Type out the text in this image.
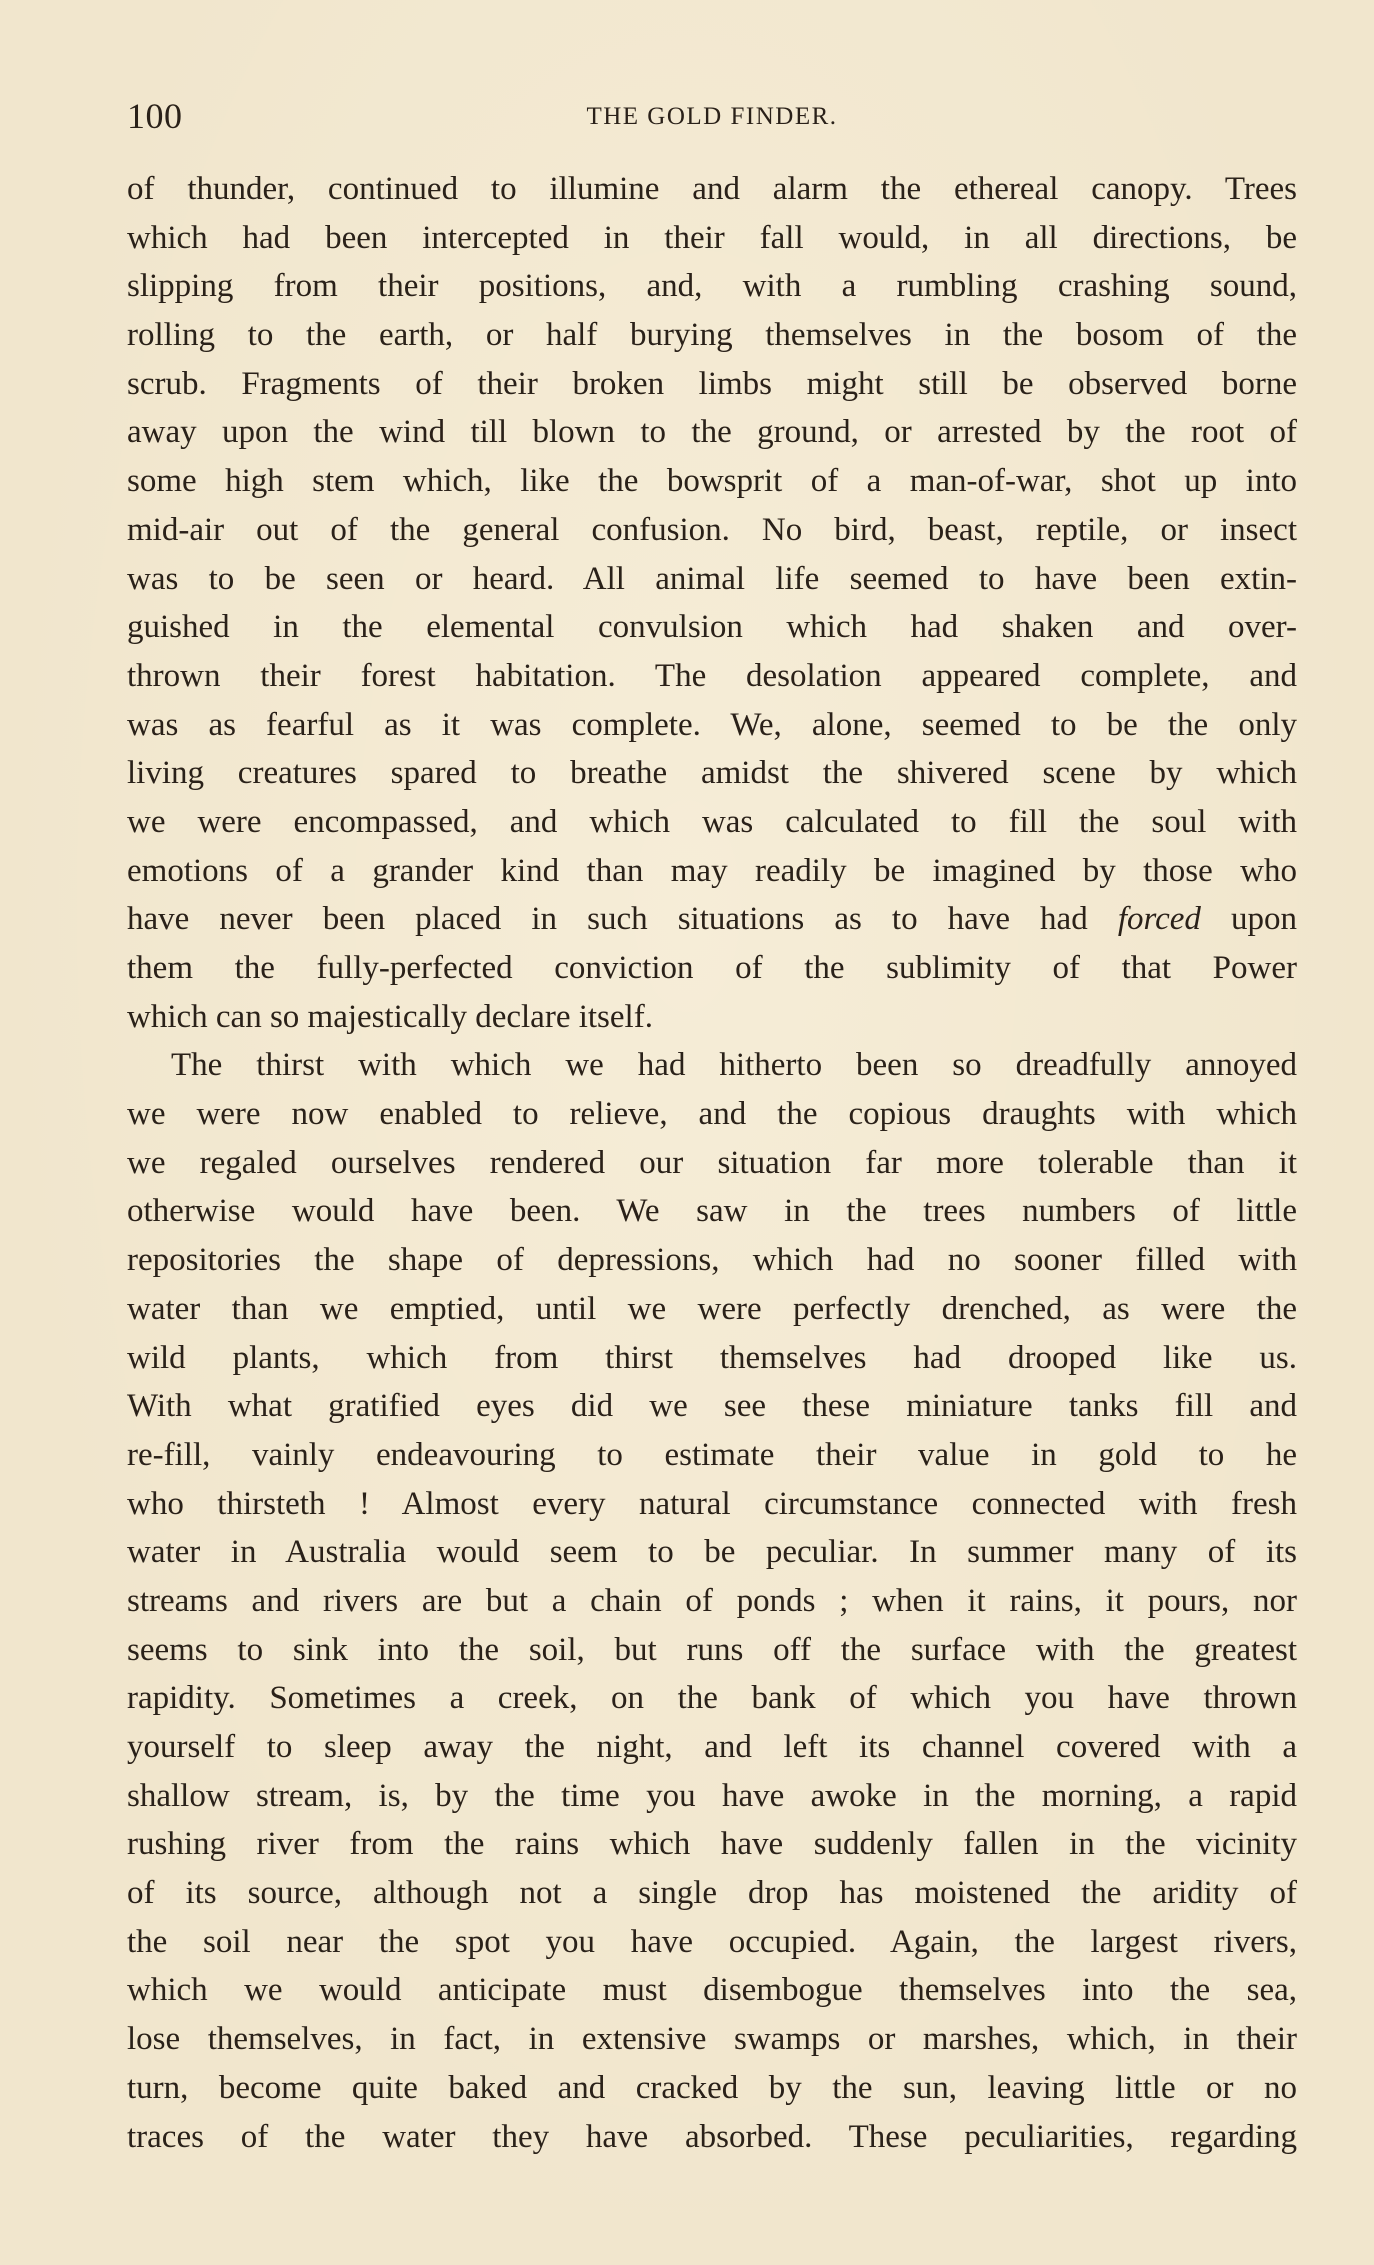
100	THE GOLD FINDER.
of thunder, continued to illumine and alarm the ethereal canopy. Trees
which had been intercepted in their fall would, in all directions, be
slipping from their positions, and, with a rumbling crashing sound,
rolling to the earth, or half burying themselves in the bosom of the
scrub. Fragments of their broken limbs might still be observed borne
away upon the wind till blown to the ground, or arrested by the root of
some high stem which, like the bowsprit of a man-of-war, shot up into
mid-air out of the general confusion. No bird, beast, reptile, or insect
was to be seen or heard. All animal life seemed to have been extin-
guished in the elemental convulsion which had shaken and over-
thrown their forest habitation. The desolation appeared complete, and
was as fearful as it was complete. We, alone, seemed to be the only
living creatures spared to breathe amidst the shivered scene by which
we were encompassed, and which was calculated to fill the soul with
emotions of a grander kind than may readily be imagined by those who
have never been placed in such situations as to have had forced upon
them the fully-perfected conviction of the sublimity of that Power
which can so majestically declare itself.
The thirst with which we had hitherto been so dreadfully annoyed
we were now enabled to relieve, and the copious draughts with which
we regaled ourselves rendered our situation far more tolerable than it
otherwise would have been. We saw in the trees numbers of little
repositories the shape of depressions, which had no sooner filled with
water than we emptied, until we were perfectly drenched, as were the
wild plants, which from thirst themselves had drooped like us.
With what gratified eyes did we see these miniature tanks fill and
re-fill, vainly endeavouring to estimate their value in gold to he
who thirsteth ! Almost every natural circumstance connected with fresh
water in Australia would seem to be peculiar. In summer many of its
streams and rivers are but a chain of ponds ; when it rains, it pours, nor
seems to sink into the soil, but runs off the surface with the greatest
rapidity. Sometimes a creek, on the bank of which you have thrown
yourself to sleep away the night, and left its channel covered with a
shallow stream, is, by the time you have awoke in the morning, a rapid
rushing river from the rains which have suddenly fallen in the vicinity
of its source, although not a single drop has moistened the aridity of
the soil near the spot you have occupied. Again, the largest rivers,
which we would anticipate must disembogue themselves into the sea,
lose themselves, in fact, in extensive swamps or marshes, which, in their
turn, become quite baked and cracked by the sun, leaving little or no
traces of the water they have absorbed. These peculiarities, regarding
